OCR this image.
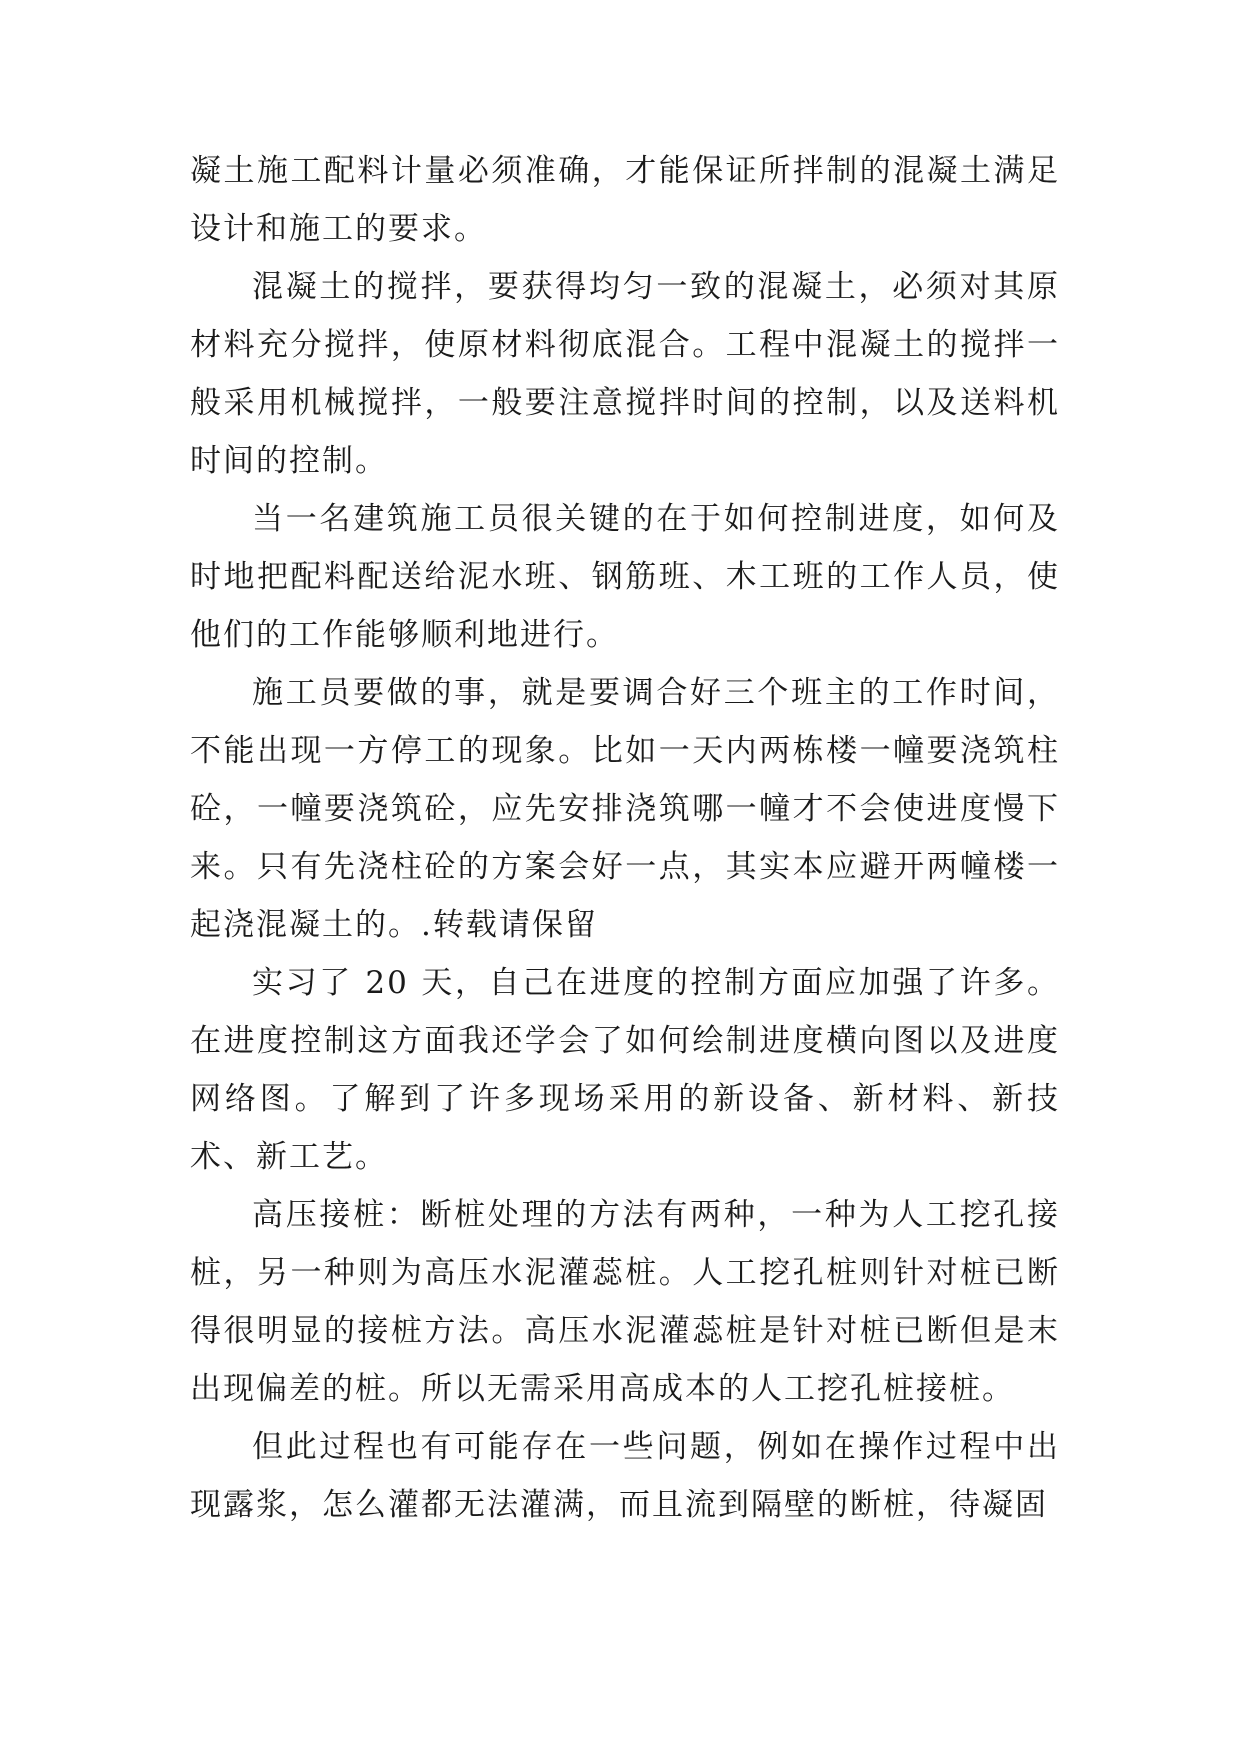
凝土施工配料计量必须准确，才能保证所拌制的混凝土满足设计和施工的要求。

混凝土的搅拌，要获得均匀一致的混凝土，必须对其原材料充分搅拌，使原材料彻底混合。工程中混凝土的搅拌一般采用机械搅拌，一般要注意搅拌时间的控制，以及送料机时间的控制。

当一名建筑施工员很关键的在于如何控制进度，如何及时地把配料配送给泥水班、钢筋班、木工班的工作人员，使他们的工作能够顺利地进行。

施工员要做的事，就是要调合好三个班主的工作时间，不能出现一方停工的现象。比如一天内两栋楼一幢要浇筑柱砼，一幢要浇筑砼，应先安排浇筑哪一幢才不会使进度慢下来。只有先浇柱砼的方案会好一点，其实本应避开两幢楼一起浇混凝土的。.转载请保留

实习了 20 天，自己在进度的控制方面应加强了许多。在进度控制这方面我还学会了如何绘制进度横向图以及进度网络图。了解到了许多现场采用的新设备、新材料、新技术、新工艺。

高压接桩：断桩处理的方法有两种，一种为人工挖孔接桩，另一种则为高压水泥灌蕊桩。人工挖孔桩则针对桩已断得很明显的接桩方法。高压水泥灌蕊桩是针对桩已断但是末出现偏差的桩。所以无需采用高成本的人工挖孔桩接桩。

但此过程也有可能存在一些问题，例如在操作过程中出现露浆，怎么灌都无法灌满，而且流到隔壁的断桩，待凝固
